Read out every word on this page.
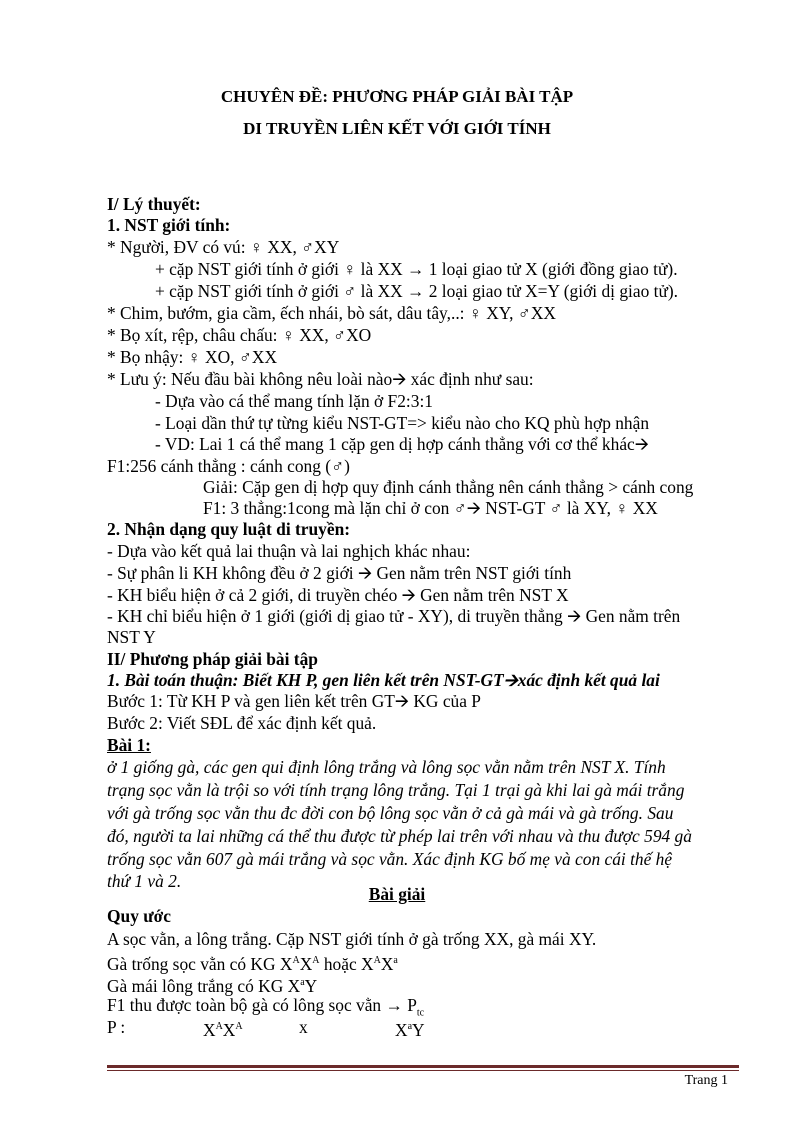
CHUYÊN ĐỀ: PHƯƠNG PHÁP GIẢI BÀI TẬP
DI TRUYỀN LIÊN KẾT VỚI GIỚI TÍNH
I/ Lý thuyết:
1. NST giới tính:
* Người, ĐV có vú: ♀ XX, ♂XY
+ cặp NST giới tính ở giới ♀ là XX → 1 loại giao tử X (giới đồng giao tử).
+ cặp NST giới tính ở giới ♂ là XX → 2 loại giao tử X=Y (giới dị giao tử).
* Chim, bướm, gia cầm, ếch nhái, bò sát, dâu tây,..: ♀ XY, ♂XX
* Bọ xít, rệp, châu chấu: ♀ XX, ♂XO
* Bọ nhậy: ♀ XO, ♂XX
* Lưu ý: Nếu đầu bài không nêu loài nào🡪 xác định như sau:
- Dựa vào cá thể mang tính lặn ở F2:3:1
- Loại dần thứ tự từng kiểu NST-GT=> kiểu nào cho KQ phù hợp nhận
- VD: Lai 1 cá thể mang 1 cặp gen dị hợp cánh thẳng với cơ thể khác🡪
F1:256 cánh thẳng : cánh cong (♂)
Giải: Cặp gen dị hợp quy định cánh thẳng nên cánh thẳng > cánh cong
F1: 3 thẳng:1cong mà lặn chỉ ở con ♂🡪 NST-GT ♂ là XY, ♀ XX
2. Nhận dạng quy luật di truyền:
- Dựa vào kết quả lai thuận và lai nghịch khác nhau:
- Sự phân li KH không đều ở 2 giới 🡪 Gen nằm trên NST giới tính
- KH biểu hiện ở cả 2 giới, di truyền chéo 🡪 Gen nằm trên NST X
- KH chỉ biểu hiện ở 1 giới (giới dị giao tử - XY), di truyền thẳng 🡪 Gen nằm trên
NST Y
II/ Phương pháp giải bài tập
1. Bài toán thuận: Biết KH P, gen liên kết trên NST-GT🡪xác định kết quả lai
Bước 1: Từ KH P và gen liên kết trên GT🡪 KG của P
Bước 2: Viết SĐL để xác định kết quả.
Bài 1:
ở 1 giống gà, các gen qui định lông trắng và lông sọc vằn nằm trên NST X. Tính
trạng sọc vằn là trội so với tính trạng lông trắng. Tại 1 trại gà khi lai gà mái trắng
với gà trống sọc vằn thu đc đời con bộ lông sọc vằn ở cả gà mái và gà trống. Sau
đó, người ta lai những cá thể thu được từ phép lai trên với nhau và thu được 594 gà
trống sọc vằn 607 gà mái trắng và sọc vằn. Xác định KG bố mẹ và con cái thế hệ
thứ 1 và 2.
Bài giải
Quy ước
A sọc vằn, a lông trắng. Cặp NST giới tính ở gà trống XX, gà mái XY.
Gà trống sọc vằn có KG $X^AX^A$ hoặc $X^AX^a$
Gà mái lông trắng có KG $X^aY$
F1 thu được toàn bộ gà có lông sọc vằn → $P_{tc}$
P :	$X^AX^A$	x	$X^aY$
Trang 1
